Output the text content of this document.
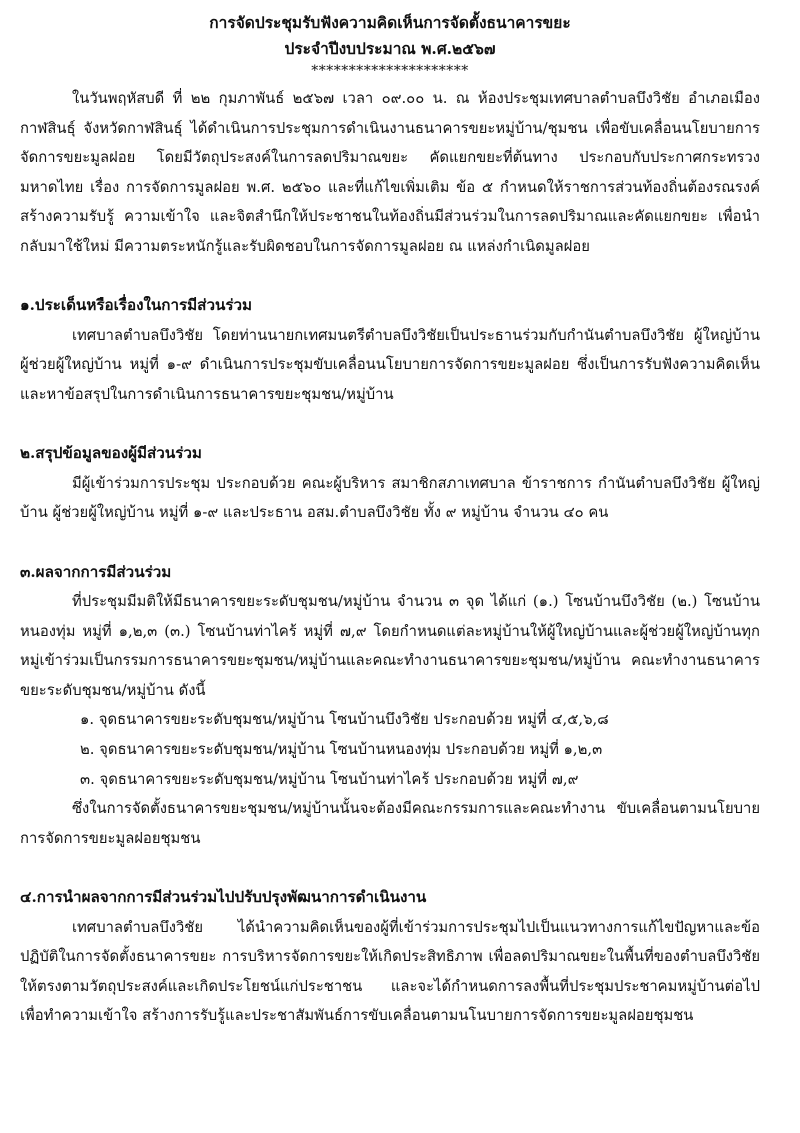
การจัดประชุมรับฟังความคิดเห็นการจัดตั้งธนาคารขยะ
ประจำปีงบประมาณ พ.ศ.๒๕๖๗
*********************

ในวันพฤหัสบดี ที่ ๒๒ กุมภาพันธ์ ๒๕๖๗ เวลา ๐๙.๐๐ น. ณ ห้องประชุมเทศบาลตำบลบึงวิชัย อำเภอเมืองกาฬสินธุ์ จังหวัดกาฬสินธุ์ ได้ดำเนินการประชุมการดำเนินงานธนาคารขยะหมู่บ้าน/ชุมชน เพื่อขับเคลื่อนนโยบายการจัดการขยะมูลฝอย โดยมีวัตถุประสงค์ในการลดปริมาณขยะ คัดแยกขยะที่ต้นทาง ประกอบกับประกาศกระทรวงมหาดไทย เรื่อง การจัดการมูลฝอย พ.ศ. ๒๕๖๐ และที่แก้ไขเพิ่มเติม ข้อ ๕ กำหนดให้ราชการส่วนท้องถิ่นต้องรณรงค์สร้างความรับรู้ ความเข้าใจ และจิตสำนึกให้ประชาชนในท้องถิ่นมีส่วนร่วมในการลดปริมาณและคัดแยกขยะ เพื่อนำกลับมาใช้ใหม่ มีความตระหนักรู้และรับผิดชอบในการจัดการมูลฝอย ณ แหล่งกำเนิดมูลฝอย

๑.ประเด็นหรือเรื่องในการมีส่วนร่วม

เทศบาลตำบลบึงวิชัย โดยท่านนายกเทศมนตรีตำบลบึงวิชัยเป็นประธานร่วมกับกำนันตำบลบึงวิชัย ผู้ใหญ่บ้าน ผู้ช่วยผู้ใหญ่บ้าน หมู่ที่ ๑-๙ ดำเนินการประชุมขับเคลื่อนนโยบายการจัดการขยะมูลฝอย ซึ่งเป็นการรับฟังความคิดเห็นและหาข้อสรุปในการดำเนินการธนาคารขยะชุมชน/หมู่บ้าน

๒.สรุปข้อมูลของผู้มีส่วนร่วม

มีผู้เข้าร่วมการประชุม ประกอบด้วย คณะผู้บริหาร สมาชิกสภาเทศบาล ข้าราชการ กำนันตำบลบึงวิชัย ผู้ใหญ่บ้าน ผู้ช่วยผู้ใหญ่บ้าน หมู่ที่ ๑-๙ และประธาน อสม.ตำบลบึงวิชัย ทั้ง ๙ หมู่บ้าน จำนวน ๔๐ คน

๓.ผลจากการมีส่วนร่วม

ที่ประชุมมีมติให้มีธนาคารขยะระดับชุมชน/หมู่บ้าน จำนวน ๓ จุด ได้แก่ (๑.) โซนบ้านบึงวิชัย (๒.) โซนบ้านหนองทุ่ม หมู่ที่ ๑,๒,๓ (๓.) โซนบ้านท่าไคร้ หมู่ที่ ๗,๙ โดยกำหนดแต่ละหมู่บ้านให้ผู้ใหญ่บ้านและผู้ช่วยผู้ใหญ่บ้านทุกหมู่เข้าร่วมเป็นกรรมการธนาคารขยะชุมชน/หมู่บ้านและคณะทำงานธนาคารขยะชุมชน/หมู่บ้าน คณะทำงานธนาคารขยะระดับชุมชน/หมู่บ้าน ดังนี้

๑. จุดธนาคารขยะระดับชุมชน/หมู่บ้าน โซนบ้านบึงวิชัย ประกอบด้วย หมู่ที่ ๔,๕,๖,๘
๒. จุดธนาคารขยะระดับชุมชน/หมู่บ้าน โซนบ้านหนองทุ่ม ประกอบด้วย หมู่ที่ ๑,๒,๓
๓. จุดธนาคารขยะระดับชุมชน/หมู่บ้าน โซนบ้านท่าไคร้ ประกอบด้วย หมู่ที่ ๗,๙

ซึ่งในการจัดตั้งธนาคารขยะชุมชน/หมู่บ้านนั้นจะต้องมีคณะกรรมการและคณะทำงาน ขับเคลื่อนตามนโยบายการจัดการขยะมูลฝอยชุมชน

๔.การนำผลจากการมีส่วนร่วมไปปรับปรุงพัฒนาการดำเนินงาน

เทศบาลตำบลบึงวิชัย ได้นำความคิดเห็นของผู้ที่เข้าร่วมการประชุมไปเป็นแนวทางการแก้ไขปัญหาและข้อปฏิบัติในการจัดตั้งธนาคารขยะ การบริหารจัดการขยะให้เกิดประสิทธิภาพ เพื่อลดปริมาณขยะในพื้นที่ของตำบลบึงวิชัย ให้ตรงตามวัตถุประสงค์และเกิดประโยชน์แก่ประชาชน และจะได้กำหนดการลงพื้นที่ประชุมประชาคมหมู่บ้านต่อไป เพื่อทำความเข้าใจ สร้างการรับรู้และประชาสัมพันธ์การขับเคลื่อนตามนโนบายการจัดการขยะมูลฝอยชุมชน
